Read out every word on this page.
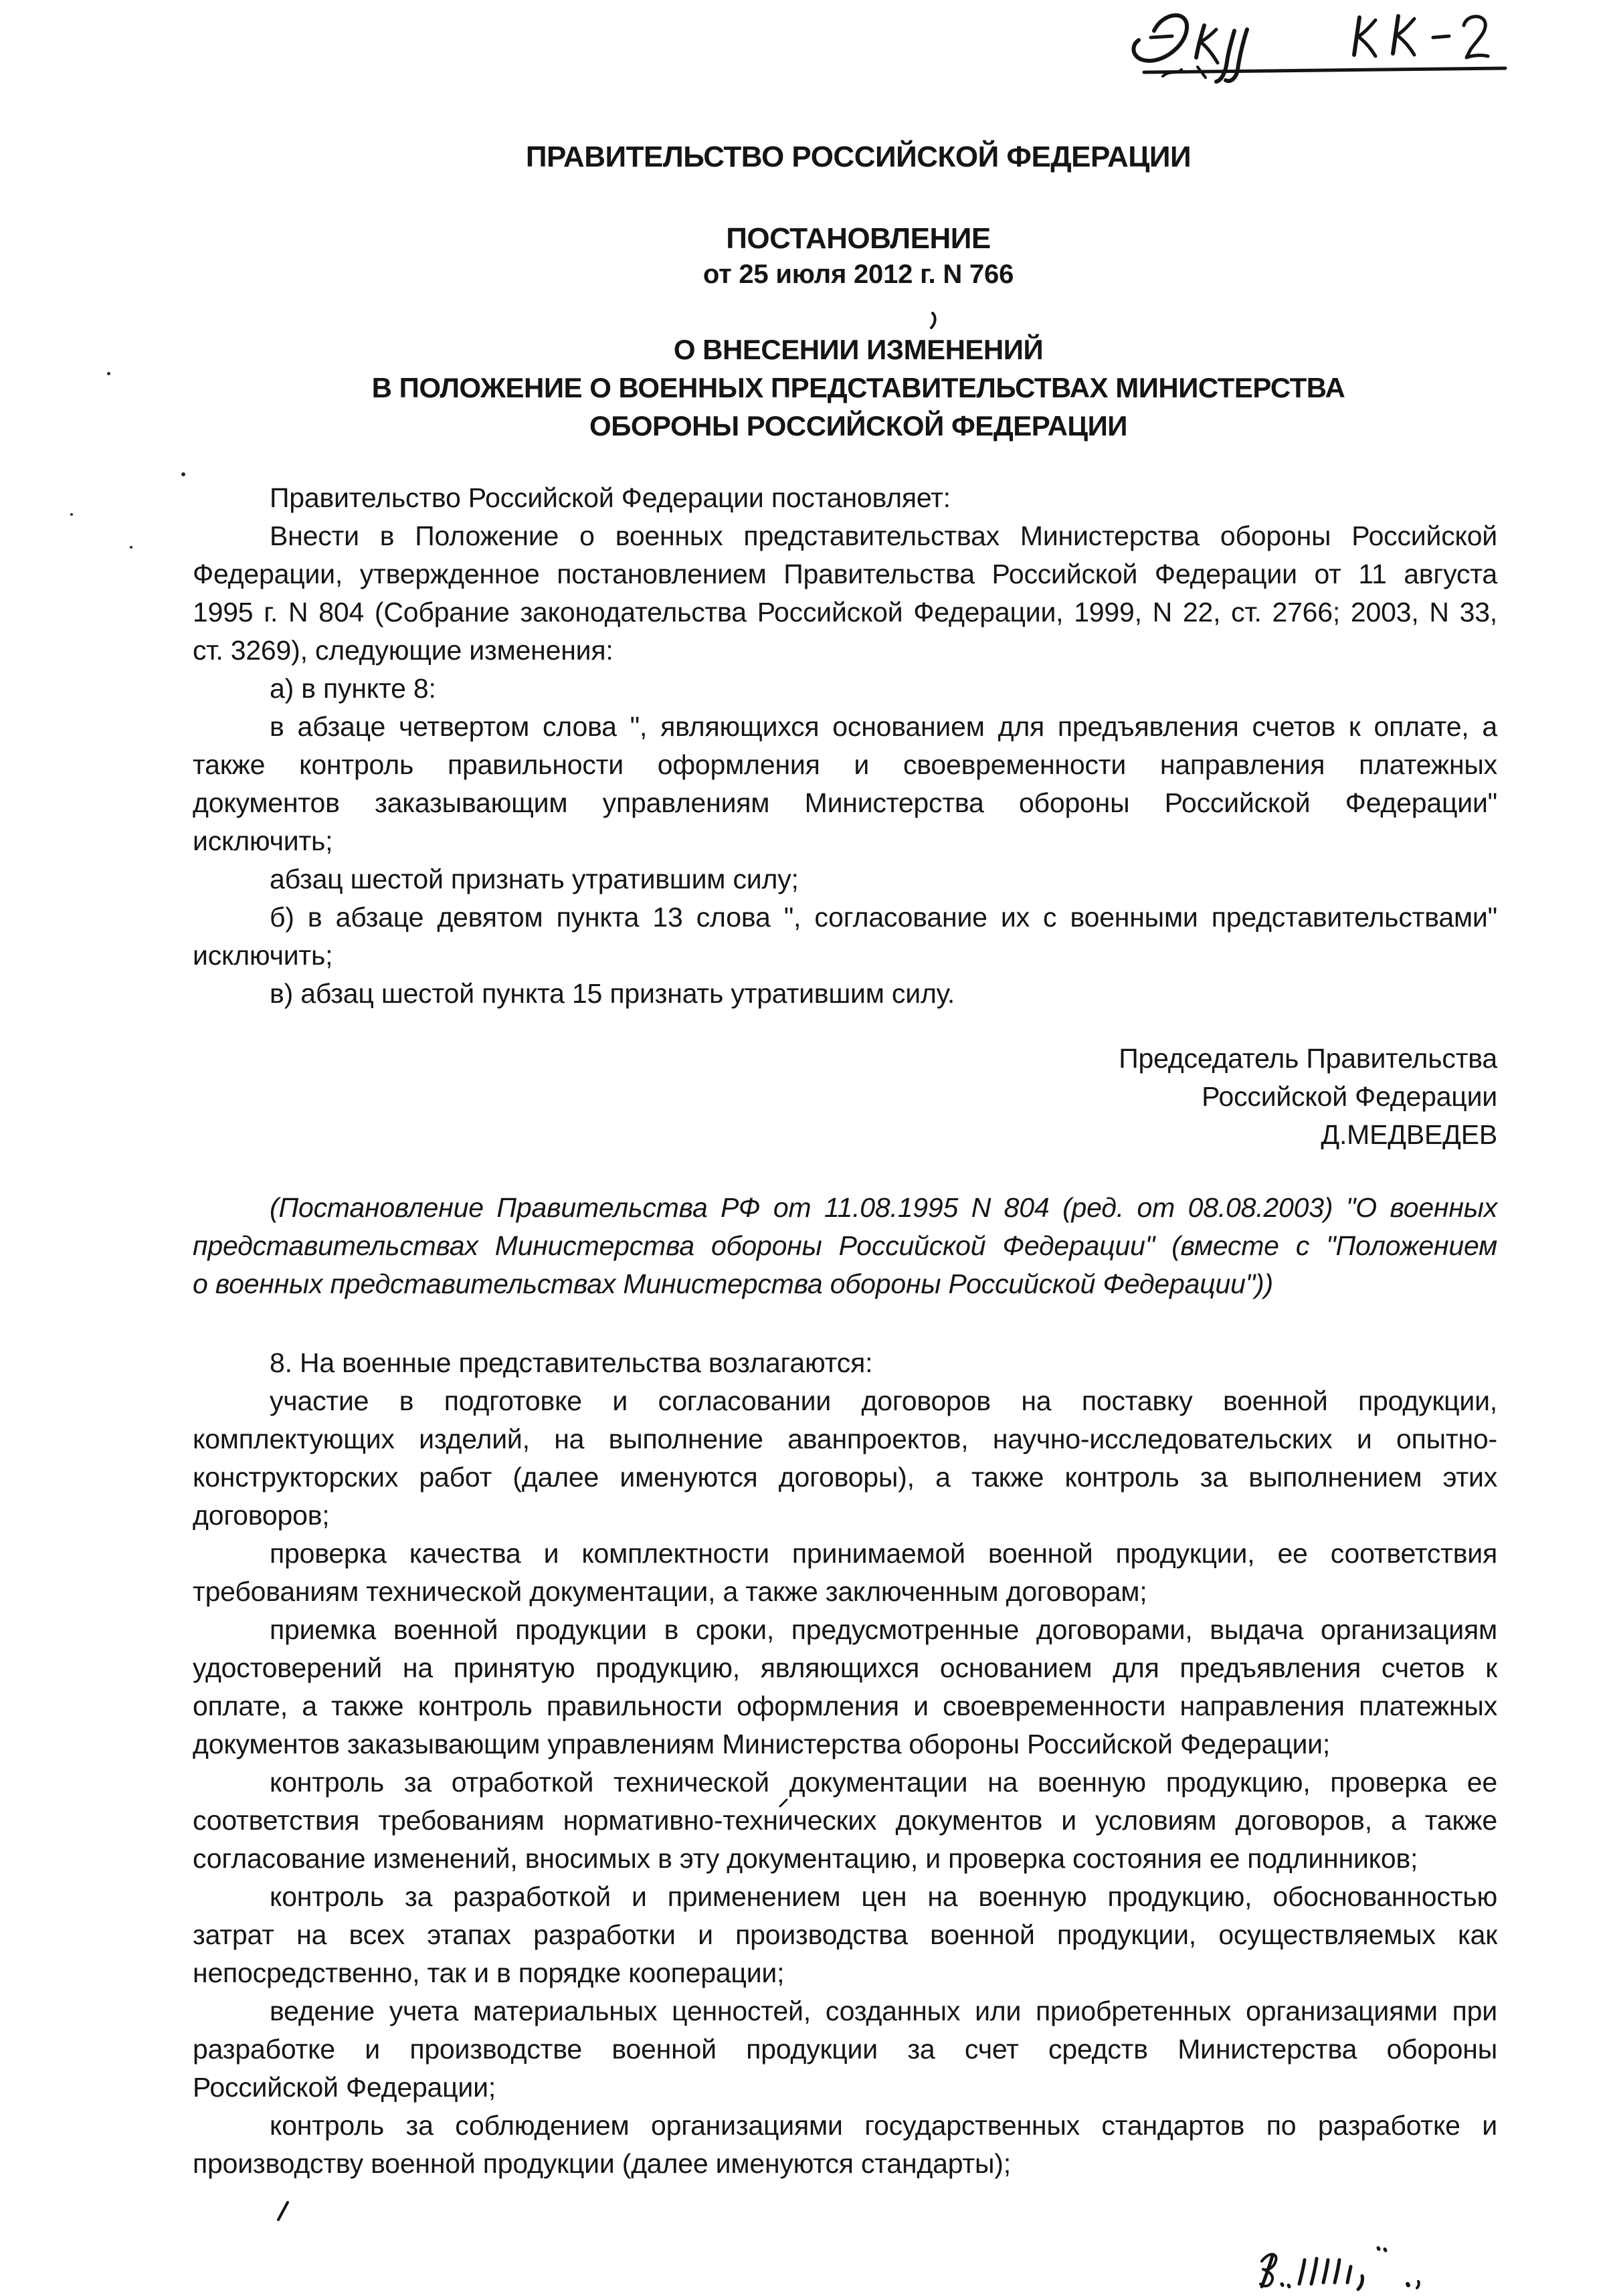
ПРАВИТЕЛЬСТВО РОССИЙСКОЙ ФЕДЕРАЦИИ
ПОСТАНОВЛЕНИЕ
от 25 июля 2012 г. N 766
О ВНЕСЕНИИ ИЗМЕНЕНИЙ
В ПОЛОЖЕНИЕ О ВОЕННЫХ ПРЕДСТАВИТЕЛЬСТВАХ МИНИСТЕРСТВА
ОБОРОНЫ РОССИЙСКОЙ ФЕДЕРАЦИИ
Правительство Российской Федерации постановляет:
Внести в Положение о военных представительствах Министерства обороны Российской
Федерации, утвержденное постановлением Правительства Российской Федерации от 11 августа
1995 г. N 804 (Собрание законодательства Российской Федерации, 1999, N 22, ст. 2766; 2003, N 33,
ст. 3269), следующие изменения:
а) в пункте 8:
в абзаце четвертом слова ", являющихся основанием для предъявления счетов к оплате, а
также контроль правильности оформления и своевременности направления платежных
документов заказывающим управлениям Министерства обороны Российской Федерации"
исключить;
абзац шестой признать утратившим силу;
б) в абзаце девятом пункта 13 слова ", согласование их с военными представительствами"
исключить;
в) абзац шестой пункта 15 признать утратившим силу.
Председатель Правительства
Российской Федерации
Д.МЕДВЕДЕВ
(Постановление Правительства РФ от 11.08.1995 N 804 (ред. от 08.08.2003) "О военных
представительствах Министерства обороны Российской Федерации" (вместе с "Положением
о военных представительствах Министерства обороны Российской Федерации"))
8. На военные представительства возлагаются:
участие в подготовке и согласовании договоров на поставку военной продукции,
комплектующих изделий, на выполнение аванпроектов, научно-исследовательских и опытно-
конструкторских работ (далее именуются договоры), а также контроль за выполнением этих
договоров;
проверка качества и комплектности принимаемой военной продукции, ее соответствия
требованиям технической документации, а также заключенным договорам;
приемка военной продукции в сроки, предусмотренные договорами, выдача организациям
удостоверений на принятую продукцию, являющихся основанием для предъявления счетов к
оплате, а также контроль правильности оформления и своевременности направления платежных
документов заказывающим управлениям Министерства обороны Российской Федерации;
контроль за отработкой технической документации на военную продукцию, проверка ее
соответствия требованиям нормативно-технических документов и условиям договоров, а также
согласование изменений, вносимых в эту документацию, и проверка состояния ее подлинников;
контроль за разработкой и применением цен на военную продукцию, обоснованностью
затрат на всех этапах разработки и производства военной продукции, осуществляемых как
непосредственно, так и в порядке кооперации;
ведение учета материальных ценностей, созданных или приобретенных организациями при
разработке и производстве военной продукции за счет средств Министерства обороны
Российской Федерации;
контроль за соблюдением организациями государственных стандартов по разработке и
производству военной продукции (далее именуются стандарты);
